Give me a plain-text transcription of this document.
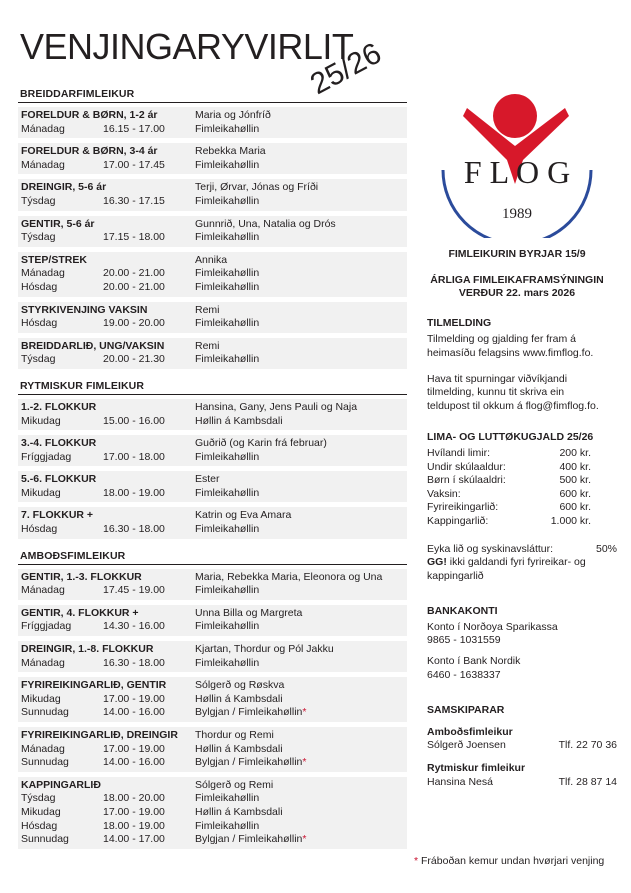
VENJINGARYVIRLIT
25/26
BREIDDARFIMLEIKUR
FORELDUR & BØRN, 1-2 ár	Maria og Jónfríð
Mánadag	16.15 - 17.00	Fimleikahøllin
FORELDUR & BØRN, 3-4 ár	Rebekka Maria
Mánadag	17.00 - 17.45	Fimleikahøllin
DREINGIR, 5-6 ár	Terji, Ørvar, Jónas og Fríði
Týsdag	16.30 - 17.15	Fimleikahøllin
GENTIR, 5-6 ár	Gunnrið, Una, Natalia og Drós
Týsdag	17.15 - 18.00	Fimleikahøllin
STEP/STREK	Annika
Mánadag	20.00 - 21.00	Fimleikahøllin
Hósdag	20.00 - 21.00	Fimleikahøllin
STYRKIVENJING VAKSIN	Remi
Hósdag	19.00 - 20.00	Fimleikahøllin
BREIDDARLIÐ, UNG/VAKSIN	Remi
Týsdag	20.00 - 21.30	Fimleikahøllin
RYTMISKUR FIMLEIKUR
1.-2. FLOKKUR	Hansina, Gany, Jens Pauli og Naja
Mikudag	15.00 - 16.00	Høllin á Kambsdali
3.-4. FLOKKUR	Guðrið (og Karin frá februar)
Fríggjadag	17.00 - 18.00	Fimleikahøllin
5.-6. FLOKKUR	Ester
Mikudag	18.00 - 19.00	Fimleikahøllin
7. FLOKKUR +	Katrin og Eva Amara
Hósdag	16.30 - 18.00	Fimleikahøllin
AMBOÐSFIMLEIKUR
GENTIR, 1.-3. FLOKKUR	Maria, Rebekka Maria, Eleonora og Una
Mánadag	17.45 - 19.00	Fimleikahøllin
GENTIR, 4. FLOKKUR +	Unna Billa og Margreta
Fríggjadag	14.30 - 16.00	Fimleikahøllin
DREINGIR, 1.-8. FLOKKUR	Kjartan, Thordur og Pól Jakku
Mánadag	16.30 - 18.00	Fimleikahøllin
FYRIREIKINGARLIÐ, GENTIR	Sólgerð og Røskva
Mikudag	17.00 - 19.00	Høllin á Kambsdali
Sunnudag	14.00 - 16.00	Bylgjan / Fimleikahøllin*
FYRIREIKINGARLIÐ, DREINGIR	Thordur og Remi
Mánadag	17.00 - 19.00	Høllin á Kambsdali
Sunnudag	14.00 - 16.00	Bylgjan / Fimleikahøllin*
KAPPINGARLIÐ	Sólgerð og Remi
Týsdag	18.00 - 20.00	Fimleikahøllin
Mikudag	17.00 - 19.00	Høllin á Kambsdali
Hósdag	18.00 - 19.00	Fimleikahøllin
Sunnudag	14.00 - 17.00	Bylgjan / Fimleikahøllin*
F L O G
1989
FIMLEIKURIN BYRJAR 15/9
ÁRLIGA FIMLEIKAFRAMSÝNINGIN
VERÐUR 22. mars 2026
TILMELDING
Tilmelding og gjalding fer fram á
heimasíðu felagsins www.fimflog.fo.
Hava tit spurningar viðvíkjandi
tilmelding, kunnu tit skriva ein
teldupost til okkum á flog@fimflog.fo.
LIMA- OG LUTTØKUGJALD 25/26
Hvílandi limir:	200 kr.
Undir skúlaaldur:	400 kr.
Børn í skúlaaldri:	500 kr.
Vaksin:	600 kr.
Fyrireikingarlið:	600 kr.
Kappingarlið:	1.000 kr.
Eyka lið og syskinavsláttur:	50%
GG! ikki galdandi fyri fyrireikar- og
kappingarlið
BANKAKONTI
Konto í Norðoya Sparikassa
9865 - 1031559
Konto í Bank Nordik
6460 - 1638337
SAMSKIPARAR
Amboðsfimleikur
Sólgerð Joensen	Tlf. 22 70 36
Rytmiskur fimleikur
Hansina Nesá	Tlf. 28 87 14
* Fráboðan kemur undan hvørjari venjing
